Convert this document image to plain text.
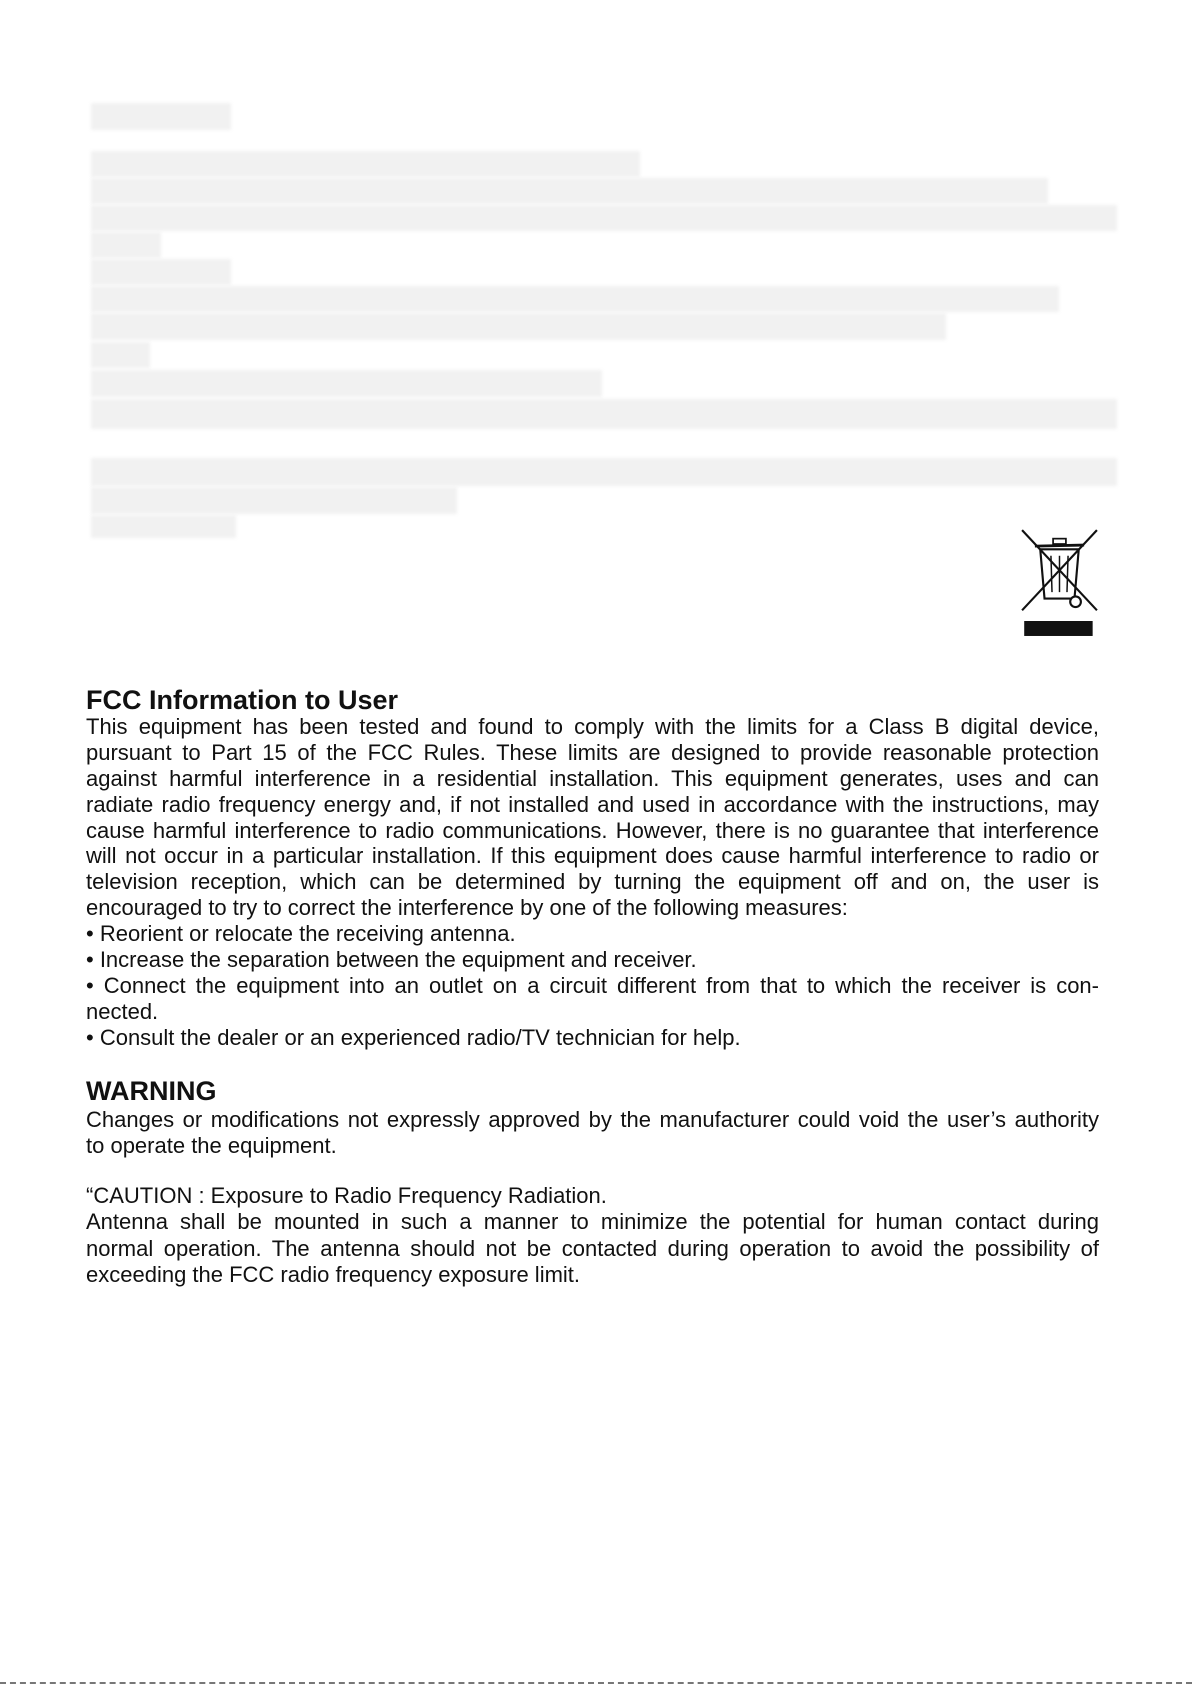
FCC Information to User
This equipment has been tested and found to comply with the limits for a Class B digital device,
pursuant to Part 15 of the FCC Rules. These limits are designed to provide reasonable protection
against harmful interference in a residential installation. This equipment generates, uses and can
radiate radio frequency energy and, if not installed and used in accordance with the instructions, may
cause harmful interference to radio communications. However, there is no guarantee that interference
will not occur in a particular installation. If this equipment does cause harmful interference to radio or
television reception, which can be determined by turning the equipment off and on, the user is
encouraged to try to correct the interference by one of the following measures:
• Reorient or relocate the receiving antenna.
• Increase the separation between the equipment and receiver.
• Connect the equipment into an outlet on a circuit different from that to which the receiver is con-
nected.
• Consult the dealer or an experienced radio/TV technician for help.
WARNING
Changes or modifications not expressly approved by the manufacturer could void the user’s authority
to operate the equipment.
“CAUTION : Exposure to Radio Frequency Radiation.
Antenna shall be mounted in such a manner to minimize the potential for human contact during
normal operation. The antenna should not be contacted during operation to avoid the possibility of
exceeding the FCC radio frequency exposure limit.
